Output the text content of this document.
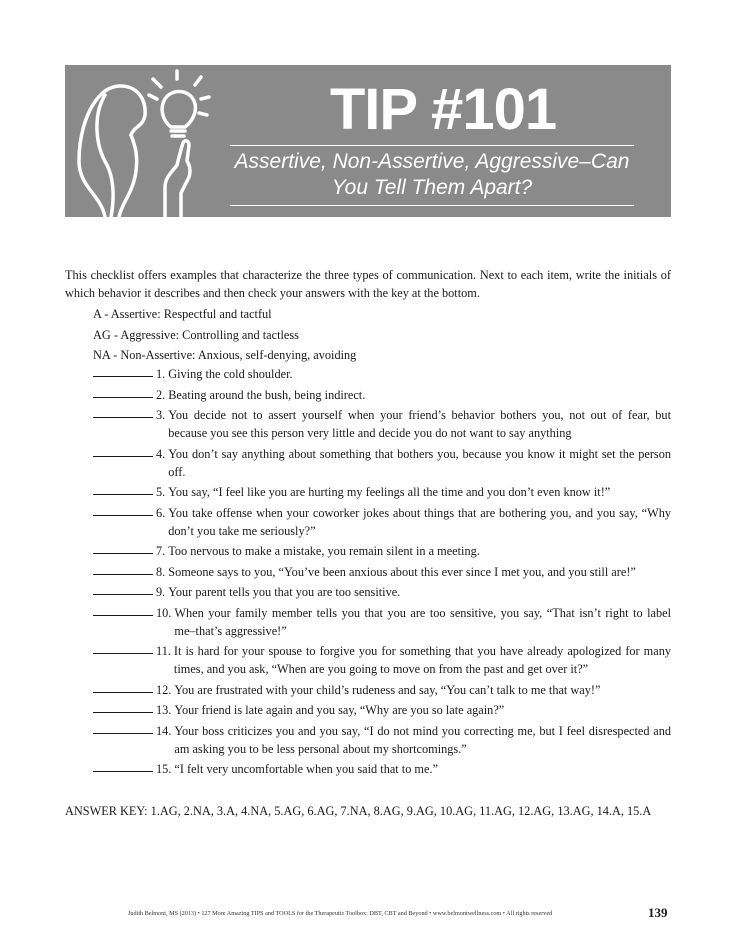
TIP #101
Assertive, Non-Assertive, Aggressive–Can
You Tell Them Apart?

This checklist offers examples that characterize the three types of communication. Next to each item, write the initials of which behavior it describes and then check your answers with the key at the bottom.

A - Assertive: Respectful and tactful
AG - Aggressive: Controlling and tactless
NA - Non-Assertive: Anxious, self-denying, avoiding
1. Giving the cold shoulder.
2. Beating around the bush, being indirect.
3. You decide not to assert yourself when your friend’s behavior bothers you, not out of fear, but because you see this person very little and decide you do not want to say anything
4. You don’t say anything about something that bothers you, because you know it might set the person off.
5. You say, “I feel like you are hurting my feelings all the time and you don’t even know it!”
6. You take offense when your coworker jokes about things that are bothering you, and you say, “Why don’t you take me seriously?”
7. Too nervous to make a mistake, you remain silent in a meeting.
8. Someone says to you, “You’ve been anxious about this ever since I met you, and you still are!”
9. Your parent tells you that you are too sensitive.
10. When your family member tells you that you are too sensitive, you say, “That isn’t right to label me–that’s aggressive!”
11. It is hard for your spouse to forgive you for something that you have already apologized for many times, and you ask, “When are you going to move on from the past and get over it?”
12. You are frustrated with your child’s rudeness and say, “You can’t talk to me that way!”
13. Your friend is late again and you say, “Why are you so late again?”
14. Your boss criticizes you and you say, “I do not mind you correcting me, but I feel disrespected and am asking you to be less personal about my shortcomings.”
15. “I felt very uncomfortable when you said that to me.”
ANSWER KEY: 1.AG, 2.NA, 3.A, 4.NA, 5.AG, 6.AG, 7.NA, 8.AG, 9.AG, 10.AG, 11.AG, 12.AG, 13.AG, 14.A, 15.A
Judith Belmont, MS (2013) • 127 More Amazing TIPS and TOOLS for the Therapeutic Toolbox: DBT, CBT and Beyond • www.belmontwellness.com • All rights reserved	139
